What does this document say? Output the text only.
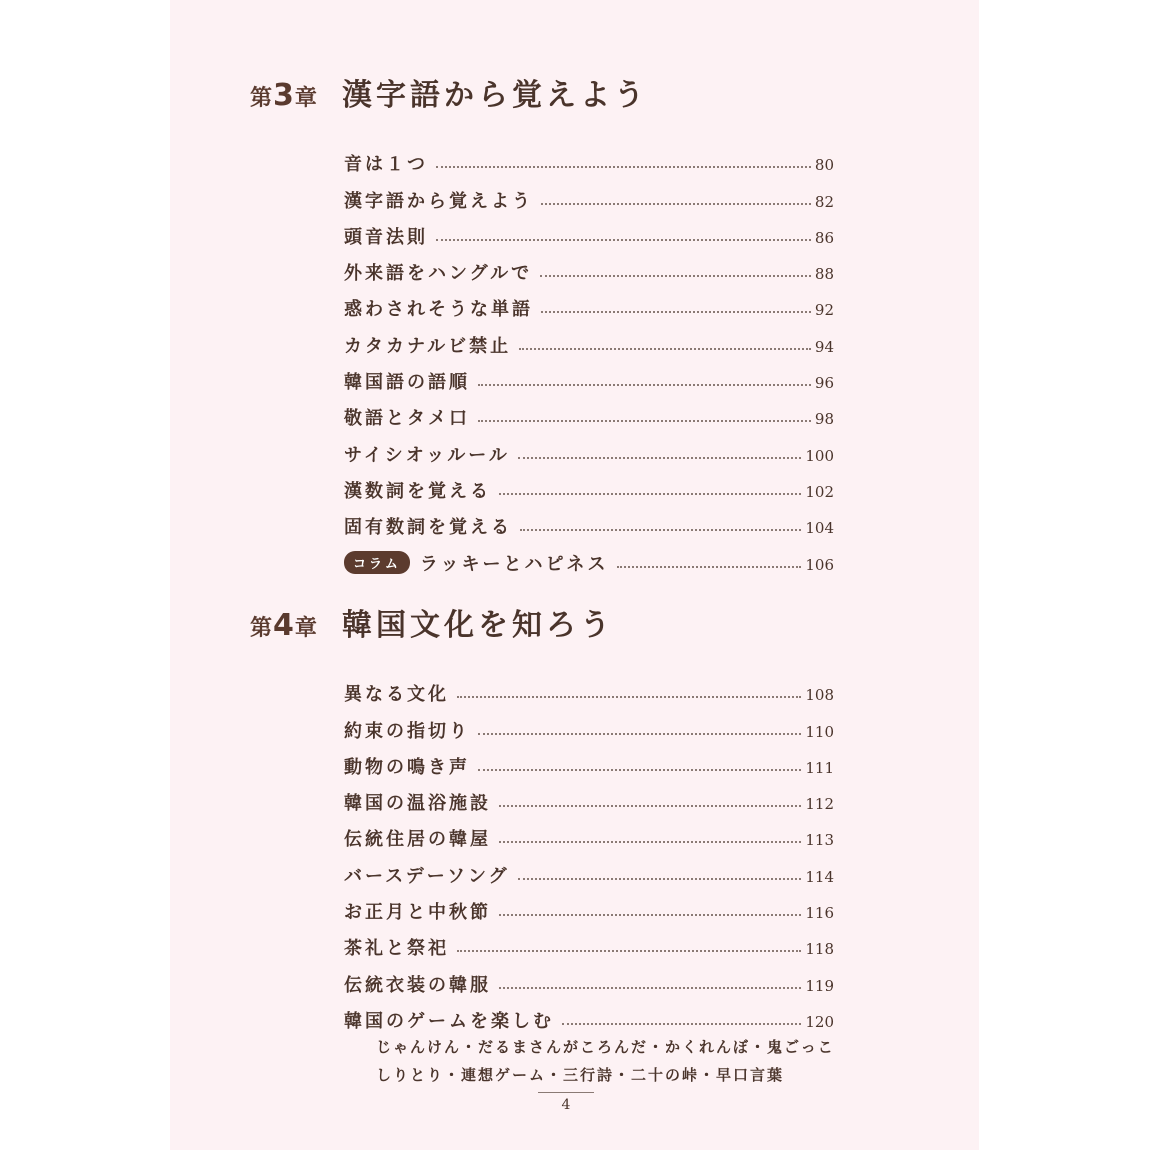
第3章 漢字語から覚えよう
音は１つ	80
漢字語から覚えよう	82
頭音法則	86
外来語をハングルで	88
惑わされそうな単語	92
カタカナルビ禁止	94
韓国語の語順	96
敬語とタメ口	98
サイシオッルール	100
漢数詞を覚える	102
固有数詞を覚える	104
コラム	ラッキーとハピネス	106
第4章 韓国文化を知ろう
異なる文化	108
約束の指切り	110
動物の鳴き声	111
韓国の温浴施設	112
伝統住居の韓屋	113
バースデーソング	114
お正月と中秋節	116
茶礼と祭祀	118
伝統衣装の韓服	119
韓国のゲームを楽しむ	120
じゃんけん・だるまさんがころんだ・かくれんぼ・鬼ごっこ
しりとり・連想ゲーム・三行詩・二十の峠・早口言葉
4
